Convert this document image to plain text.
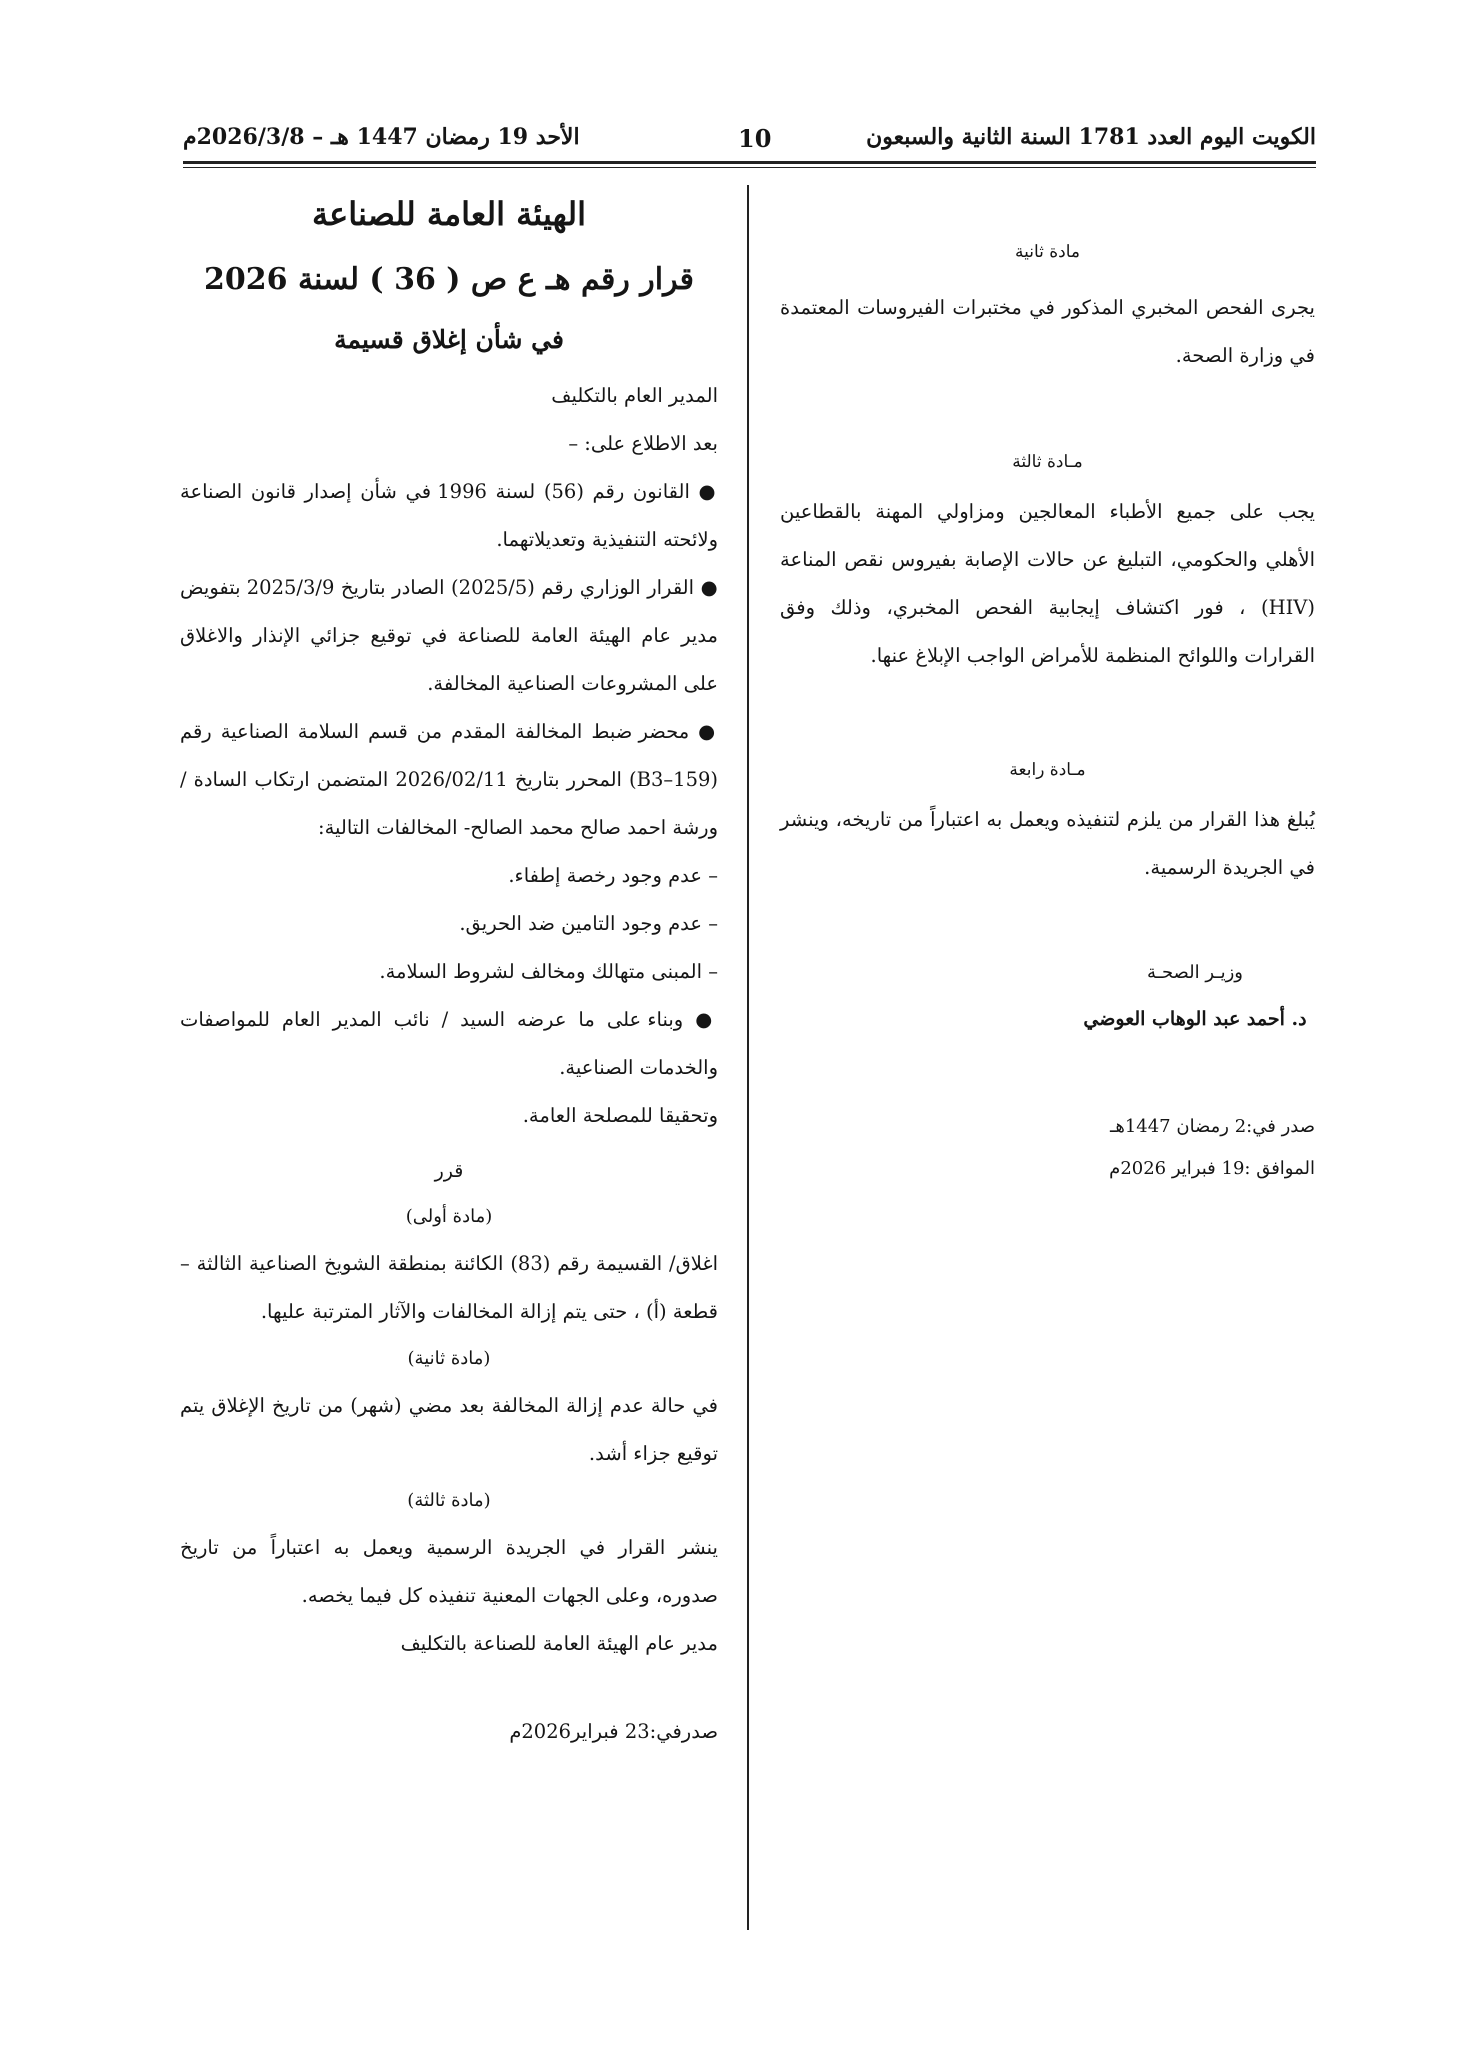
الأحد 19 رمضان 1447 هـ – 2026/3/8م	10	الكويت اليوم العدد 1781 السنة الثانية والسبعون

مادة ثانية

يجرى الفحص المخبري المذكور في مختبرات الفيروسات المعتمدة في وزارة الصحة.

مـادة ثالثة

يجب على جميع الأطباء المعالجين ومزاولي المهنة بالقطاعين الأهلي والحكومي، التبليغ عن حالات الإصابة بفيروس نقص المناعة (HIV) ، فور اكتشاف إيجابية الفحص المخبري، وذلك وفق القرارات واللوائح المنظمة للأمراض الواجب الإبلاغ عنها.

مـادة رابعة

يُبلغ هذا القرار من يلزم لتنفيذه ويعمل به اعتباراً من تاريخه، وينشر في الجريدة الرسمية.

وزيـر الصحـة

د. أحمد عبد الوهاب العوضي

صدر في:2 رمضان 1447هـ

الموافق :19 فبراير 2026م

الهيئة العامة للصناعة

قرار رقم هـ ع ص ( 36 ) لسنة 2026

في شأن إغلاق قسيمة

المدير العام بالتكليف

بعد الاطلاع على: –

● القانون رقم (56) لسنة 1996 في شأن إصدار قانون الصناعة ولائحته التنفيذية وتعديلاتهما.

● القرار الوزاري رقم (2025/5) الصادر بتاريخ 2025/3/9 بتفويض مدير عام الهيئة العامة للصناعة في توقيع جزائي الإنذار والاغلاق على المشروعات الصناعية المخالفة.

● محضر ضبط المخالفة المقدم من قسم السلامة الصناعية رقم (B3–159) المحرر بتاريخ 2026/02/11 المتضمن ارتكاب السادة / ورشة احمد صالح محمد الصالح- المخالفات التالية:

– عدم وجود رخصة إطفاء.

– عدم وجود التامين ضد الحريق.

– المبنى متهالك ومخالف لشروط السلامة.

● وبناء على ما عرضه السيد / نائب المدير العام للمواصفات والخدمات الصناعية.

وتحقيقا للمصلحة العامة.

قرر

(مادة أولى)

اغلاق/ القسيمة رقم (83) الكائنة بمنطقة الشويخ الصناعية الثالثة – قطعة (أ) ، حتى يتم إزالة المخالفات والآثار المترتبة عليها.

(مادة ثانية)

في حالة عدم إزالة المخالفة بعد مضي (شهر) من تاريخ الإغلاق يتم توقيع جزاء أشد.

(مادة ثالثة)

ينشر القرار في الجريدة الرسمية ويعمل به اعتباراً من تاريخ صدوره، وعلى الجهات المعنية تنفيذه كل فيما يخصه.

مدير عام الهيئة العامة للصناعة بالتكليف

صدرفي:23 فبراير2026م
